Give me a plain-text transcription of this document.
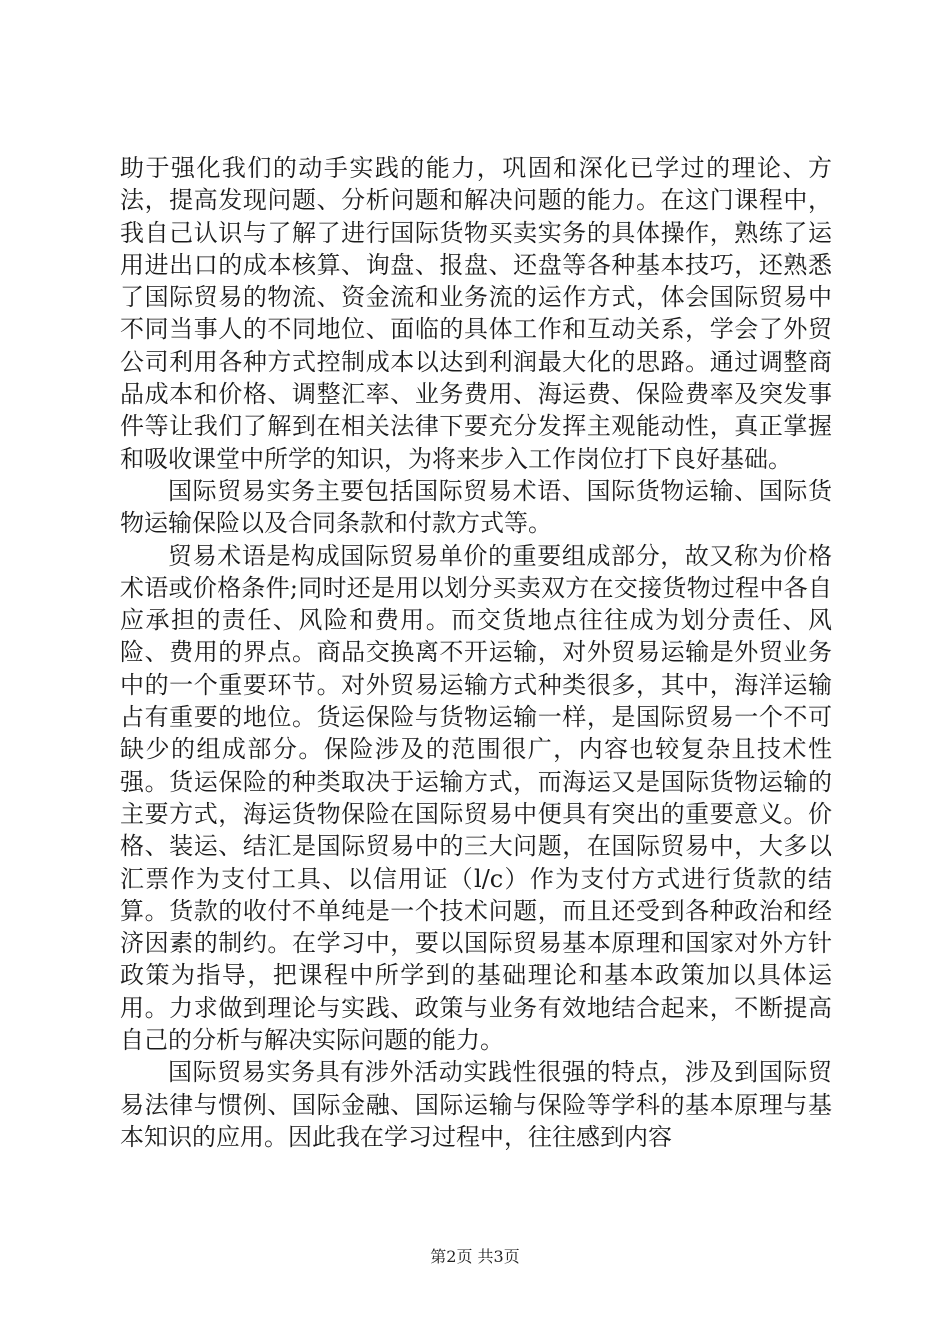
助于强化我们的动手实践的能力，巩固和深化已学过的理论、方法，提高发现问题、分析问题和解决问题的能力。在这门课程中，我自己认识与了解了进行国际货物买卖实务的具体操作，熟练了运用进出口的成本核算、询盘、报盘、还盘等各种基本技巧，还熟悉了国际贸易的物流、资金流和业务流的运作方式，体会国际贸易中不同当事人的不同地位、面临的具体工作和互动关系，学会了外贸公司利用各种方式控制成本以达到利润最大化的思路。通过调整商品成本和价格、调整汇率、业务费用、海运费、保险费率及突发事件等让我们了解到在相关法律下要充分发挥主观能动性，真正掌握和吸收课堂中所学的知识，为将来步入工作岗位打下良好基础。

国际贸易实务主要包括国际贸易术语、国际货物运输、国际货物运输保险以及合同条款和付款方式等。

贸易术语是构成国际贸易单价的重要组成部分，故又称为价格术语或价格条件;同时还是用以划分买卖双方在交接货物过程中各自应承担的责任、风险和费用。而交货地点往往成为划分责任、风险、费用的界点。商品交换离不开运输，对外贸易运输是外贸业务中的一个重要环节。对外贸易运输方式种类很多，其中，海洋运输占有重要的地位。货运保险与货物运输一样，是国际贸易一个不可缺少的组成部分。保险涉及的范围很广，内容也较复杂且技术性强。货运保险的种类取决于运输方式，而海运又是国际货物运输的主要方式，海运货物保险在国际贸易中便具有突出的重要意义。价格、装运、结汇是国际贸易中的三大问题，在国际贸易中，大多以汇票作为支付工具、以信用证（l/c）作为支付方式进行货款的结算。货款的收付不单纯是一个技术问题，而且还受到各种政治和经济因素的制约。在学习中，要以国际贸易基本原理和国家对外方针政策为指导，把课程中所学到的基础理论和基本政策加以具体运用。力求做到理论与实践、政策与业务有效地结合起来，不断提高自己的分析与解决实际问题的能力。

国际贸易实务具有涉外活动实践性很强的特点，涉及到国际贸易法律与惯例、国际金融、国际运输与保险等学科的基本原理与基本知识的应用。因此我在学习过程中，往往感到内容

第2页 共3页
